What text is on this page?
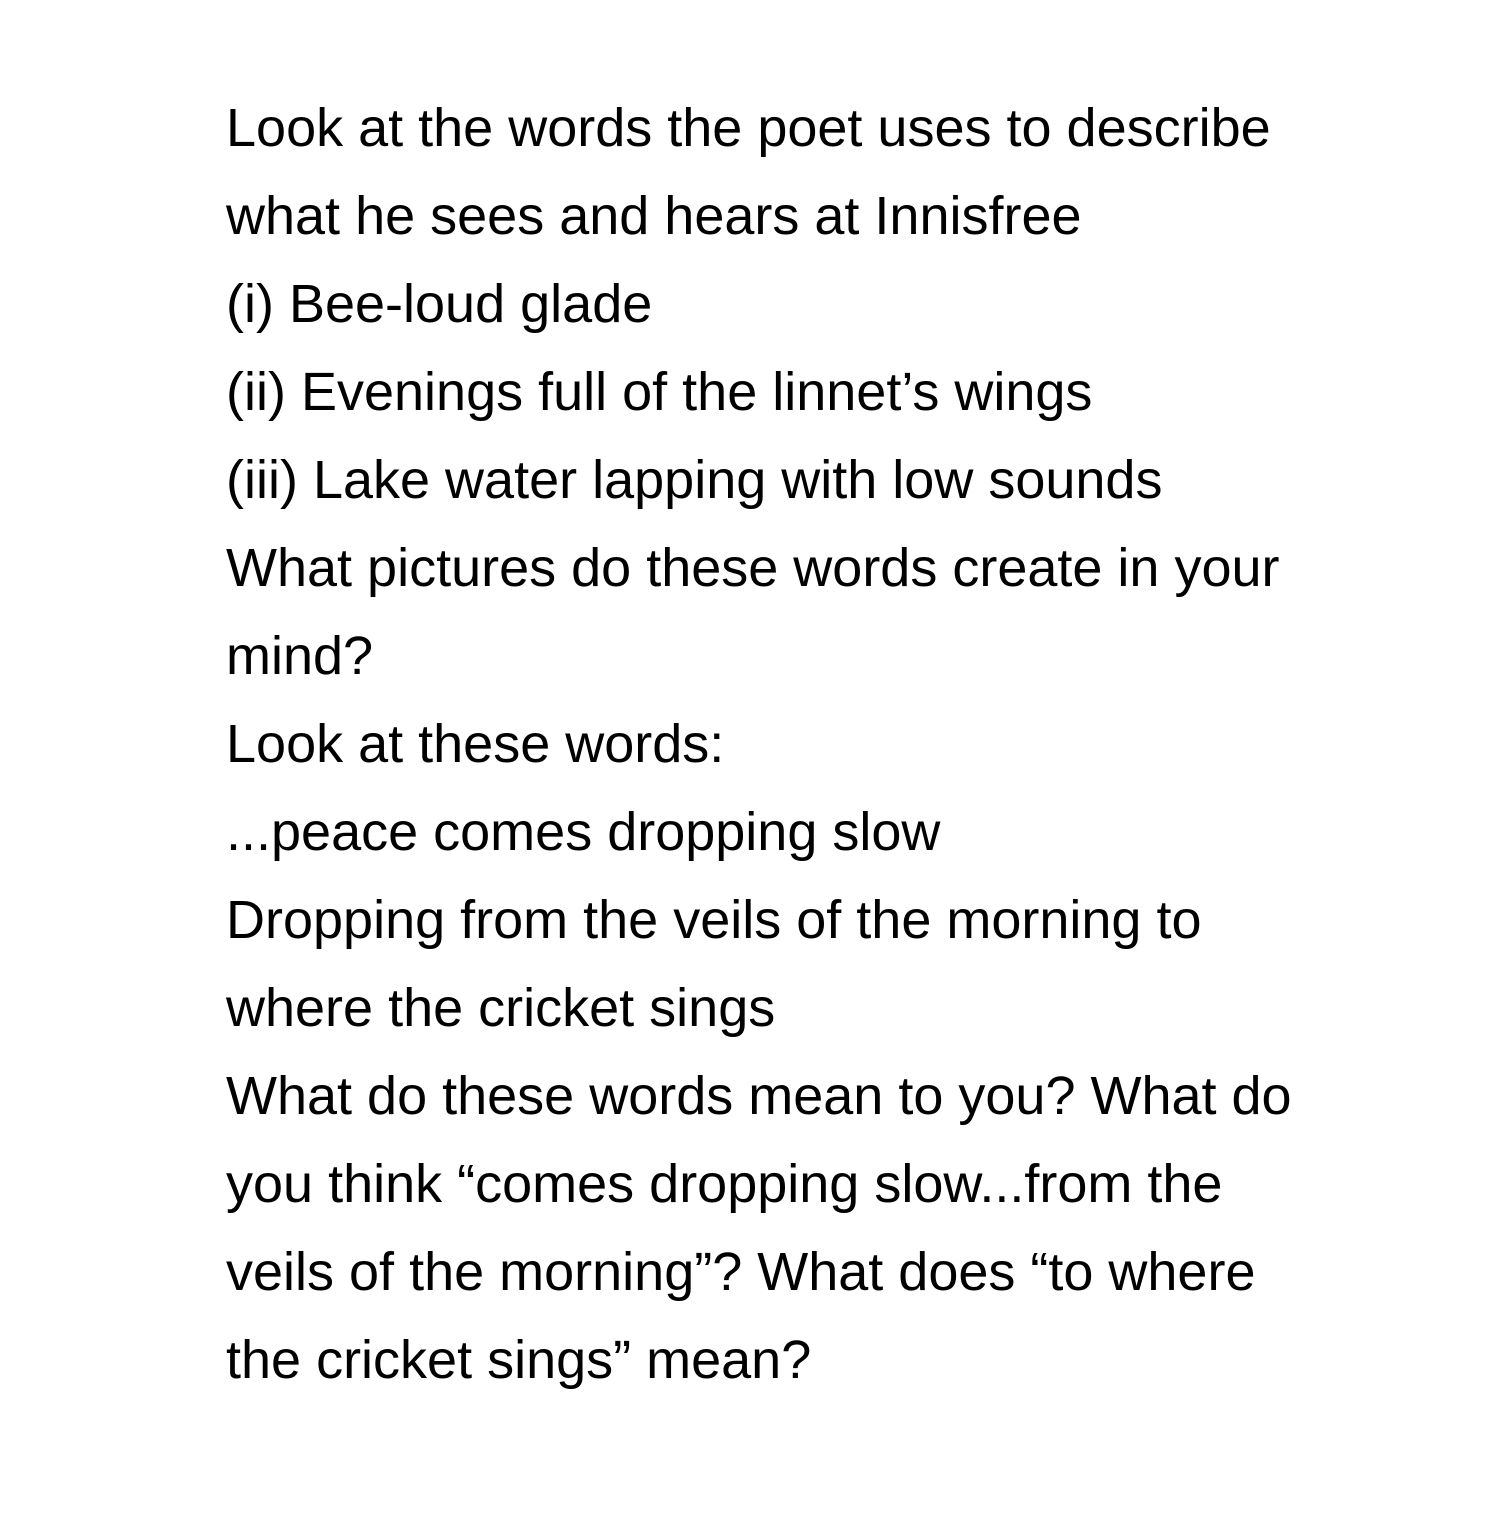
Look at the words the poet uses to describe
what he sees and hears at Innisfree
(i) Bee-loud glade
(ii) Evenings full of the linnet’s wings
(iii) Lake water lapping with low sounds
What pictures do these words create in your
mind?
Look at these words:
...peace comes dropping slow
Dropping from the veils of the morning to
where the cricket sings
What do these words mean to you? What do
you think “comes dropping slow...from the
veils of the morning”? What does “to where
the cricket sings” mean?
